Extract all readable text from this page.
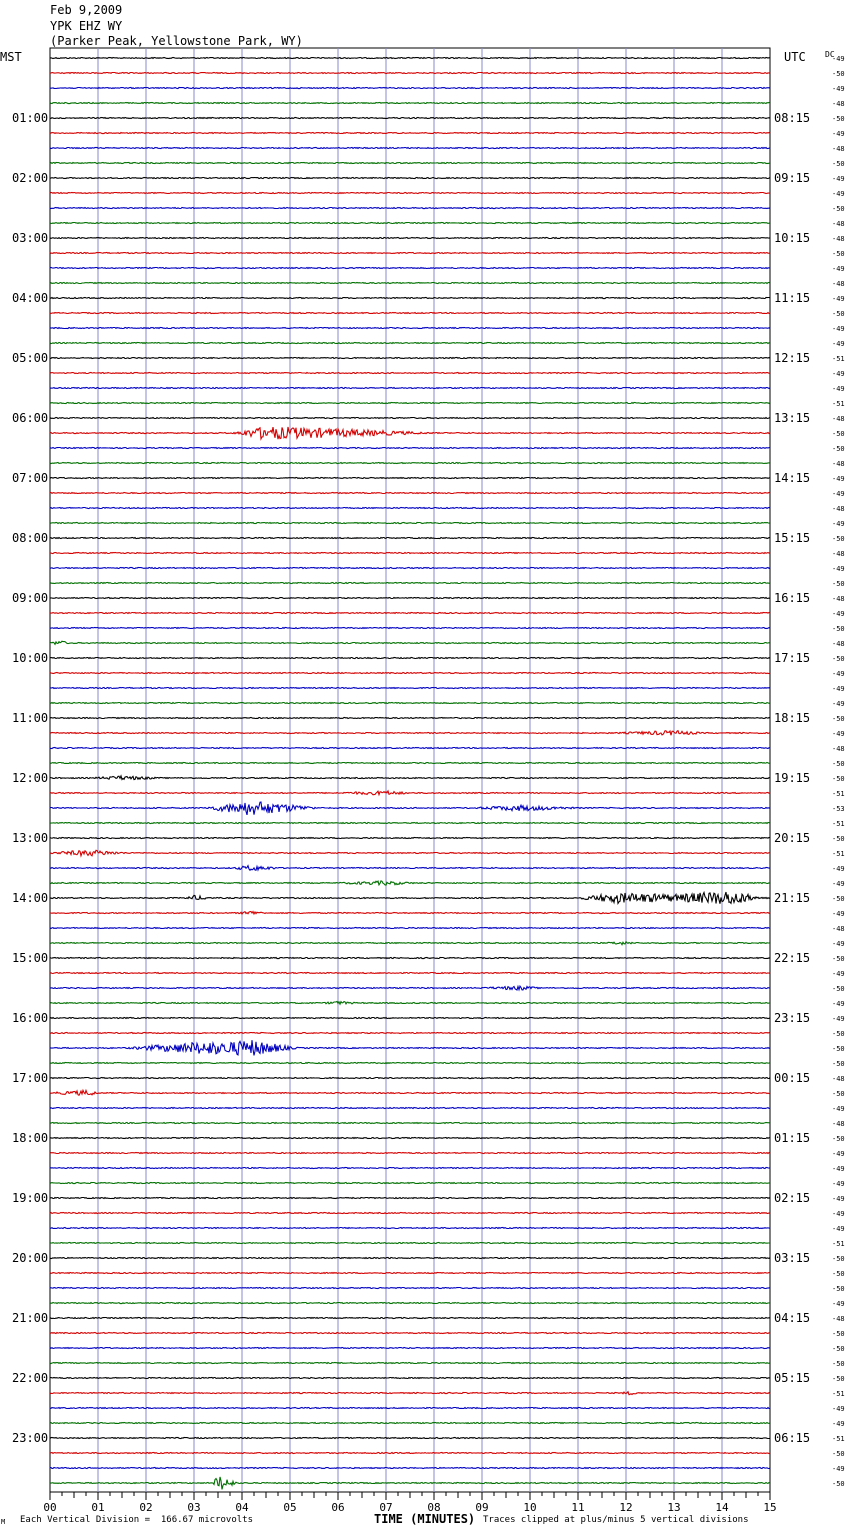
Feb 9,2009
YPK EHZ WY
(Parker Peak, Yellowstone Park, WY)
MST	UTC DC
01:00
02:00
03:00
04:00
05:00
06:00
07:00
08:00
09:00
10:00
11:00
12:00
13:00
14:00
15:00
16:00
17:00
18:00
19:00
20:00
21:00
22:00
23:00
08:15
09:15
10:15
11:15
12:15
13:15
14:15
15:15
16:15
17:15
18:15
19:15
20:15
21:15
22:15
23:15
00:15
01:15
02:15
03:15
04:15
05:15
06:15
-49
-50
-49
-48
-50
-49
-48
-50
-49
-49
-50
-48
-48
-50
-49
-48
-49
-50
-49
-49
-51
-49
-49
-51
-48
-50
-50
-48
-49
-49
-48
-49
-50
-48
-49
-50
-48
-49
-50
-48
-50
-49
-49
-49
-50
-49
-48
-50
-50
-51
-53
-51
-50
-51
-49
-49
-50
-49
-48
-49
-50
-49
-50
-49
-49
-50
-50
-50
-48
-50
-49
-48
-50
-49
-49
-49
-49
-49
-49
-51
-50
-50
-50
-49
-48
-50
-50
-50
-50
-51
-49
-49
-51
-50
-49
-50
00	01	02	03	04	05	06	07	08	09	10	11	12	13	14	15
M Each Vertical Division =  166.67 microvolts	TIME (MINUTES) Traces clipped at plus/minus 5 vertical divisions
